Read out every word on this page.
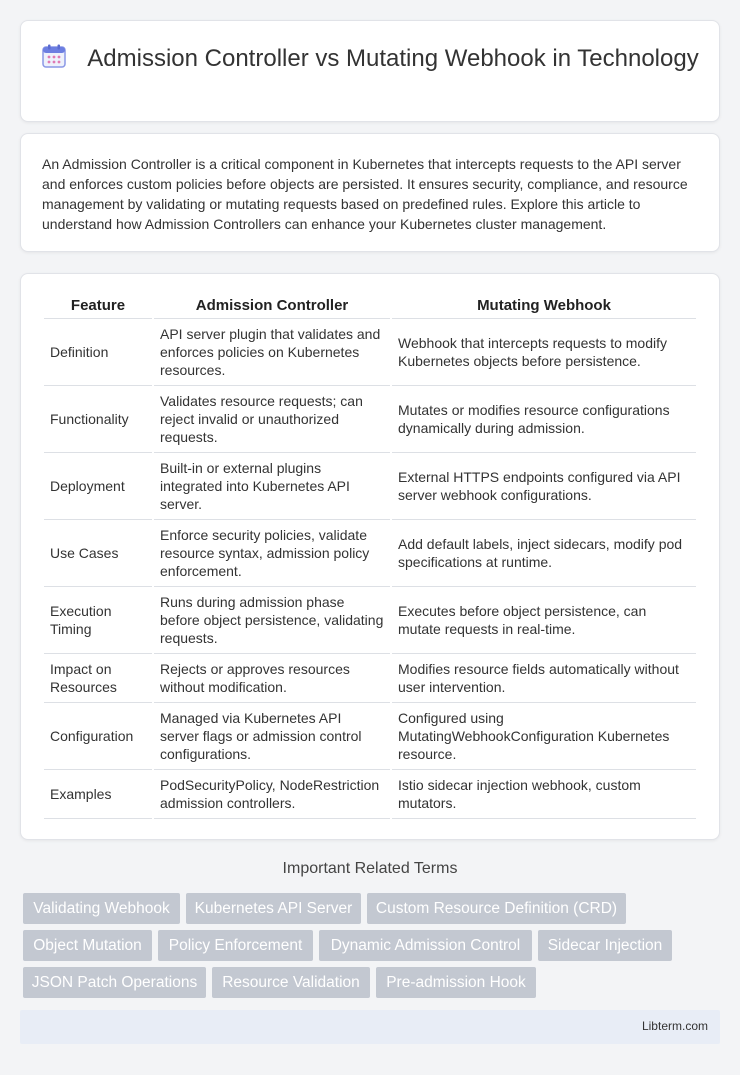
Admission Controller vs Mutating Webhook in Technology

An Admission Controller is a critical component in Kubernetes that intercepts requests to the API server and enforces custom policies before objects are persisted. It ensures security, compliance, and resource management by validating or mutating requests based on predefined rules. Explore this article to understand how Admission Controllers can enhance your Kubernetes cluster management.

Feature	Admission Controller	Mutating Webhook
Definition	API server plugin that validates and enforces policies on Kubernetes resources.	Webhook that intercepts requests to modify Kubernetes objects before persistence.
Functionality	Validates resource requests; can reject invalid or unauthorized requests.	Mutates or modifies resource configurations dynamically during admission.
Deployment	Built-in or external plugins integrated into Kubernetes API server.	External HTTPS endpoints configured via API server webhook configurations.
Use Cases	Enforce security policies, validate resource syntax, admission policy enforcement.	Add default labels, inject sidecars, modify pod specifications at runtime.
Execution Timing	Runs during admission phase before object persistence, validating requests.	Executes before object persistence, can mutate requests in real-time.
Impact on Resources	Rejects or approves resources without modification.	Modifies resource fields automatically without user intervention.
Configuration	Managed via Kubernetes API server flags or admission control configurations.	Configured using MutatingWebhookConfiguration Kubernetes resource.
Examples	PodSecurityPolicy, NodeRestriction admission controllers.	Istio sidecar injection webhook, custom mutators.
Important Related Terms
Validating Webhook	Kubernetes API Server	Custom Resource Definition (CRD)
Object Mutation	Policy Enforcement	Dynamic Admission Control	Sidecar Injection
JSON Patch Operations	Resource Validation	Pre-admission Hook
Libterm.com
